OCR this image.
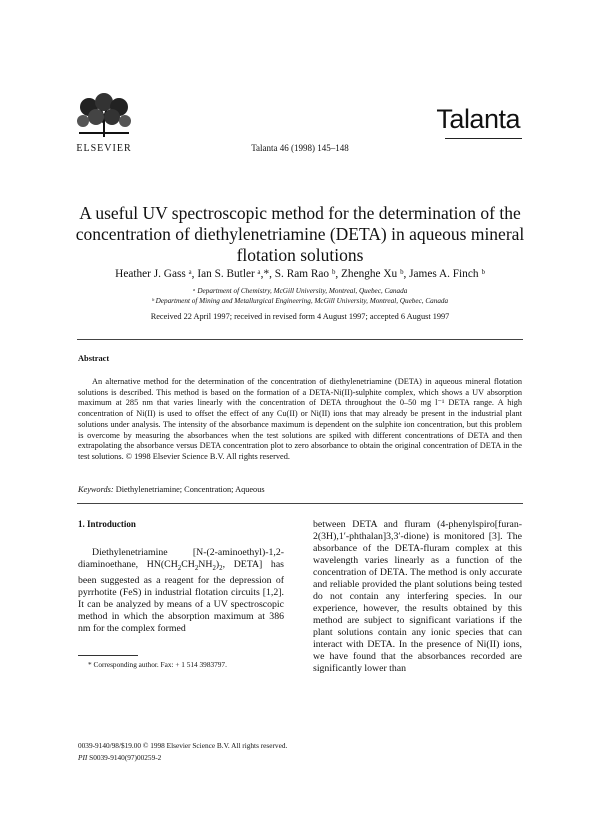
ELSEVIER
Talanta
Talanta 46 (1998) 145–148
A useful UV spectroscopic method for the determination of the
concentration of diethylenetriamine (DETA) in aqueous mineral
flotation solutions
Heather J. Gass ᵃ, Ian S. Butler ᵃ,*, S. Ram Rao ᵇ, Zhenghe Xu ᵇ, James A. Finch ᵇ
ᵃ Department of Chemistry, McGill University, Montreal, Quebec, Canada
ᵇ Department of Mining and Metallurgical Engineering, McGill University, Montreal, Quebec, Canada
Received 22 April 1997; received in revised form 4 August 1997; accepted 6 August 1997
Abstract
An alternative method for the determination of the concentration of diethylenetriamine (DETA) in aqueous mineral flotation solutions is described. This method is based on the formation of a DETA-Ni(II)-sulphite complex, which shows a UV absorption maximum at 285 nm that varies linearly with the concentration of DETA throughout the 0–50 mg l⁻¹ DETA range. A high concentration of Ni(II) is used to offset the effect of any Cu(II) or Ni(II) ions that may already be present in the industrial plant solutions under analysis. The intensity of the absorbance maximum is dependent on the sulphite ion concentration, but this problem is overcome by measuring the absorbances when the test solutions are spiked with different concentrations of DETA and then extrapolating the absorbance versus DETA concentration plot to zero absorbance to obtain the original concentration of DETA in the test solutions. © 1998 Elsevier Science B.V. All rights reserved.
Keywords: Diethylenetriamine; Concentration; Aqueous
1. Introduction
Diethylenetriamine [N-(2-aminoethyl)-1,2-diaminoethane, $HN(CH_2CH_2NH_2)_2$, DETA] has been suggested as a reagent for the depression of pyrrhotite (FeS) in industrial flotation circuits [1,2]. It can be analyzed by means of a UV spectroscopic method in which the absorption maximum at 386 nm for the complex formed
between DETA and fluram (4-phenylspiro[furan-2(3H),1′-phthalan]3,3′-dione) is monitored [3]. The absorbance of the DETA-fluram complex at this wavelength varies linearly as a function of the concentration of DETA. The method is only accurate and reliable provided the plant solutions being tested do not contain any interfering species. In our experience, however, the results obtained by this method are subject to significant variations if the plant solutions contain any ionic species that can interact with DETA. In the presence of Ni(II) ions, we have found that the absorbances recorded are significantly lower than
* Corresponding author. Fax: + 1 514 3983797.
0039-9140/98/$19.00 © 1998 Elsevier Science B.V. All rights reserved.
PII S0039-9140(97)00259-2
